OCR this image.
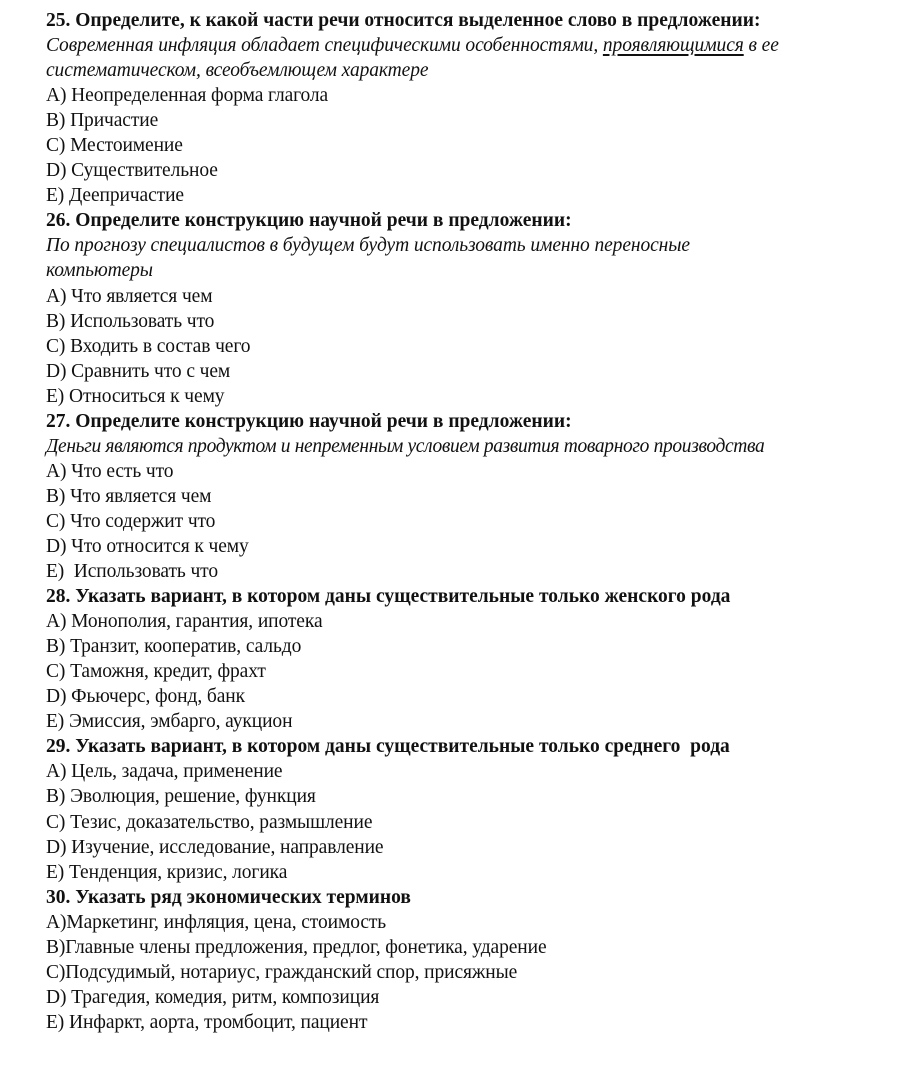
25. Определите, к какой части речи относится выделенное слово в предложении:
Современная инфляция обладает специфическими особенностями, проявляющимися в ее
систематическом, всеобъемлющем характере
A) Неопределенная форма глагола
B) Причастие
C) Местоимение
D) Существительное
E) Деепричастие
26. Определите конструкцию научной речи в предложении:
По прогнозу специалистов в будущем будут использовать именно переносные
компьютеры
A) Что является чем
B) Использовать что
C) Входить в состав чего
D) Сравнить что с чем
E) Относиться к чему
27. Определите конструкцию научной речи в предложении:
Деньги являются продуктом и непременным условием развития товарного производства
A) Что есть что
B) Что является чем
C) Что содержит что
D) Что относится к чему
E)  Использовать что
28. Указать вариант, в котором даны существительные только женского рода
A) Монополия, гарантия, ипотека
B) Транзит, кооператив, сальдо
C) Таможня, кредит, фрахт
D) Фьючерс, фонд, банк
E) Эмиссия, эмбарго, аукцион
29. Указать вариант, в котором даны существительные только среднего  рода
A) Цель, задача, применение
B) Эволюция, решение, функция
C) Тезис, доказательство, размышление
D) Изучение, исследование, направление
E) Тенденция, кризис, логика
30. Указать ряд экономических терминов
A)Маркетинг, инфляция, цена, стоимость
B)Главные члены предложения, предлог, фонетика, ударение
C)Подсудимый, нотариус, гражданский спор, присяжные
D) Трагедия, комедия, ритм, композиция
E) Инфаркт, аорта, тромбоцит, пациент
